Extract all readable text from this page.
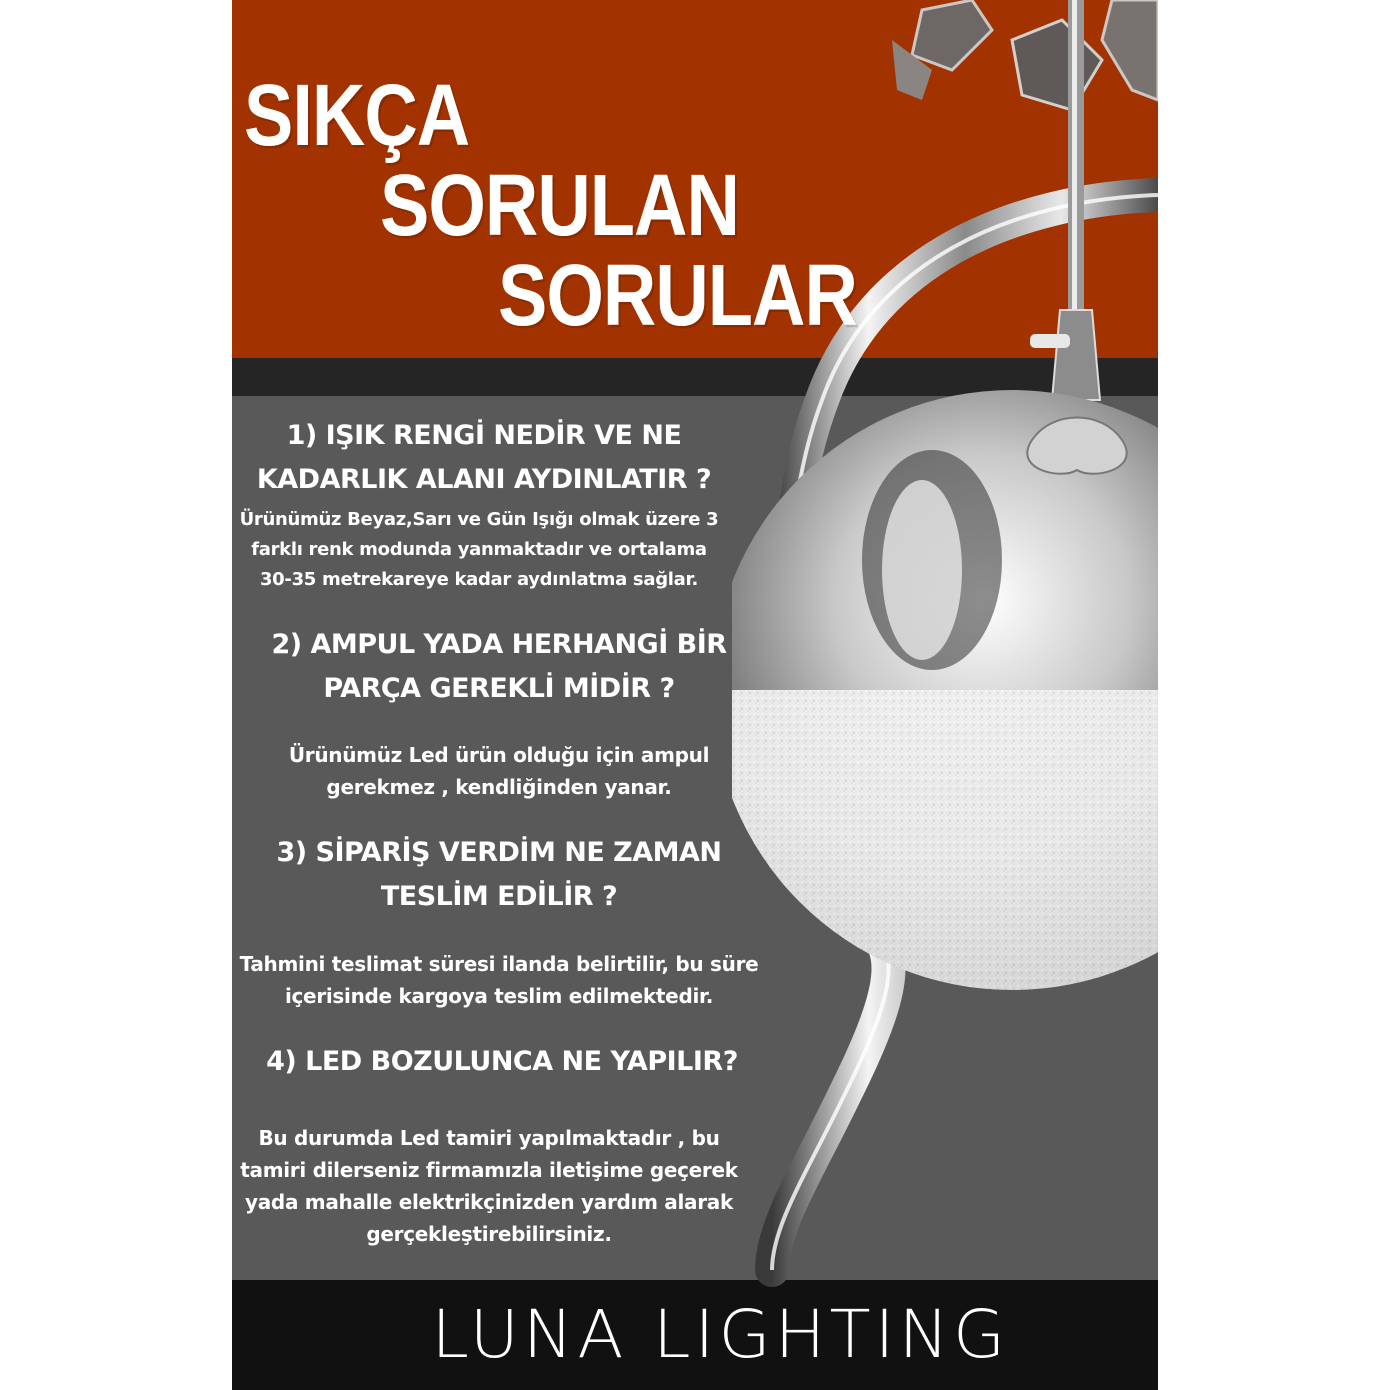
SIKÇA
SORULAN
SORULAR

1) IŞIK RENGİ NEDİR VE NE KADARLIK ALANI AYDINLATIR ?

Ürünümüz Beyaz,Sarı ve Gün Işığı olmak üzere 3 farklı renk modunda yanmaktadır ve ortalama 30-35 metrekareye kadar aydınlatma sağlar.

2) AMPUL YADA HERHANGİ BİR PARÇA GEREKLİ MİDİR ?

Ürünümüz Led ürün olduğu için ampul gerekmez , kendliğinden yanar.

3) SİPARİŞ VERDİM NE ZAMAN TESLİM EDİLİR ?

Tahmini teslimat süresi ilanda belirtilir, bu süre içerisinde kargoya teslim edilmektedir.

4) LED BOZULUNCA NE YAPILIR?

Bu durumda Led tamiri yapılmaktadır , bu tamiri dilerseniz firmamızla iletişime geçerek yada mahalle elektrikçinizden yardım alarak gerçekleştirebilirsiniz.

LUNA LIGHTING
